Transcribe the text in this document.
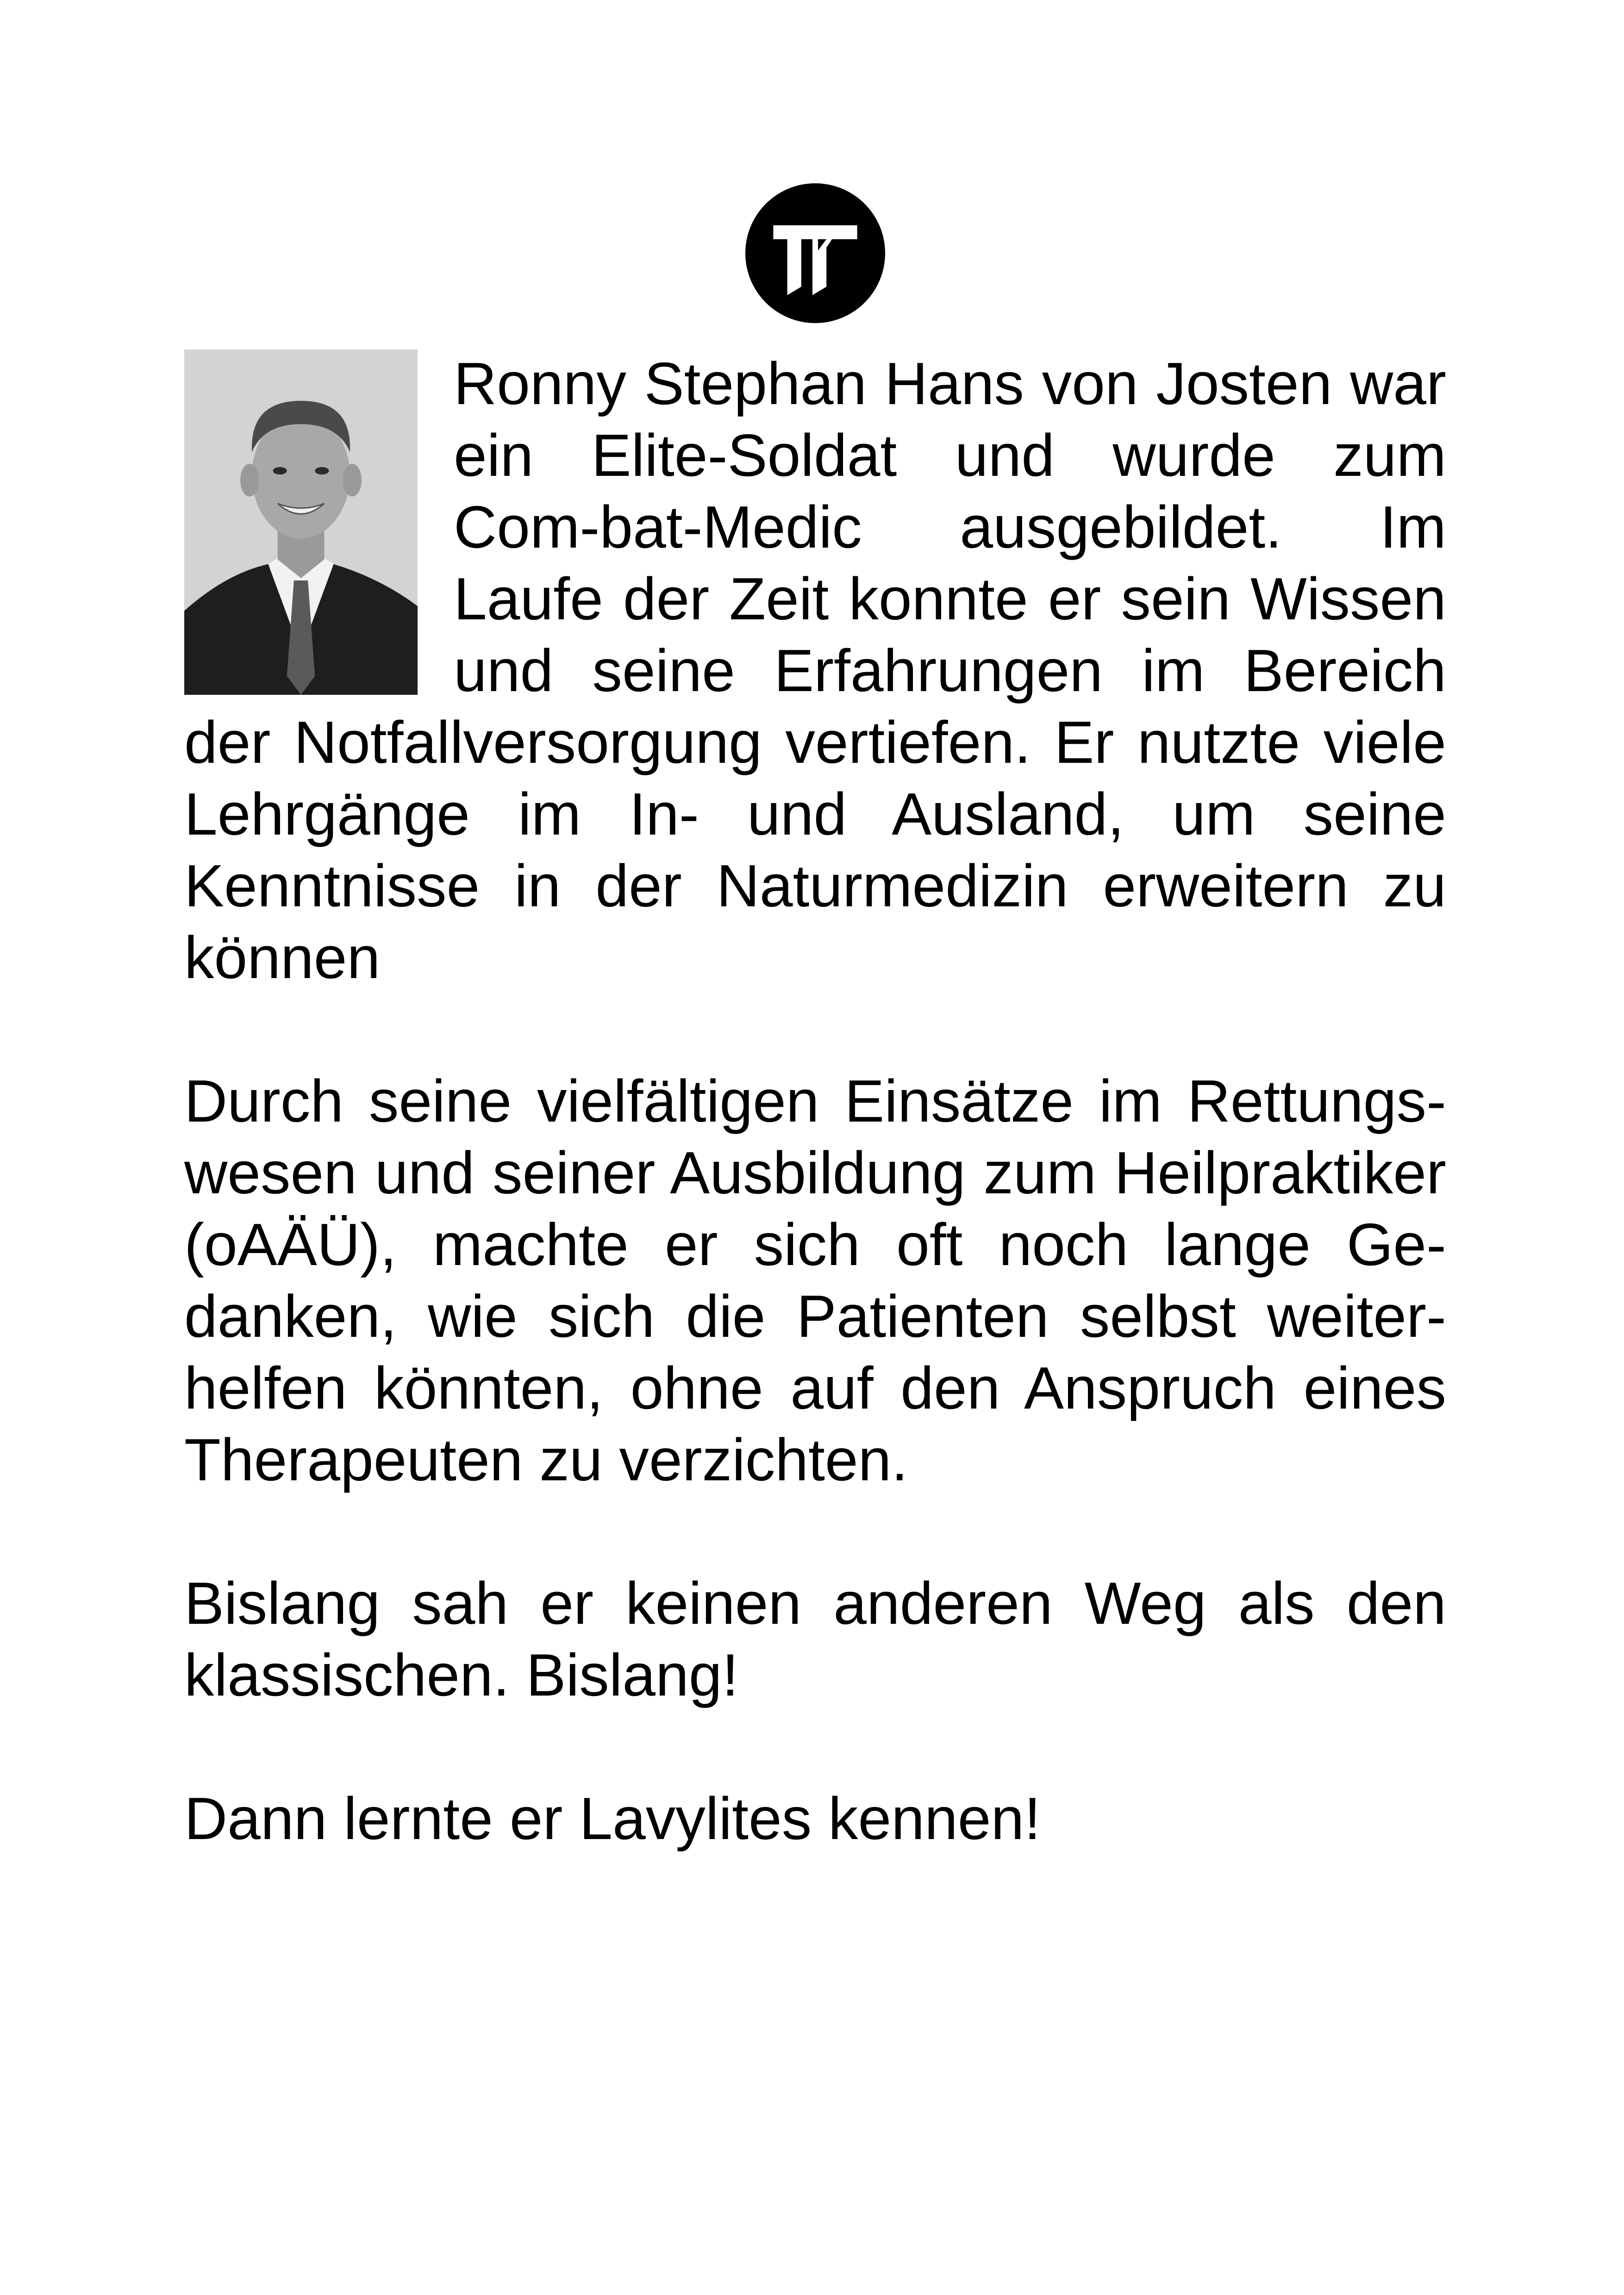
Ronny Stephan Hans von Josten war ein Elite-Soldat und wurde zum Com-bat-Medic ausgebildet. Im Laufe der Zeit konnte er sein Wissen und seine Erfahrungen im Bereich der Notfallversorgung vertiefen. Er nutzte viele Lehrgänge im In- und Ausland, um seine Kenntnisse in der Naturmedizin erweitern zu können

Durch seine vielfältigen Einsätze im Rettungswesen und seiner Ausbildung zum Heilpraktiker (oAÄÜ), machte er sich oft noch lange Gedanken, wie sich die Patienten selbst weiterhelfen könnten, ohne auf den Anspruch eines Therapeuten zu verzichten.

Bislang sah er keinen anderen Weg als den klassischen. Bislang!

Dann lernte er Lavylites kennen!
